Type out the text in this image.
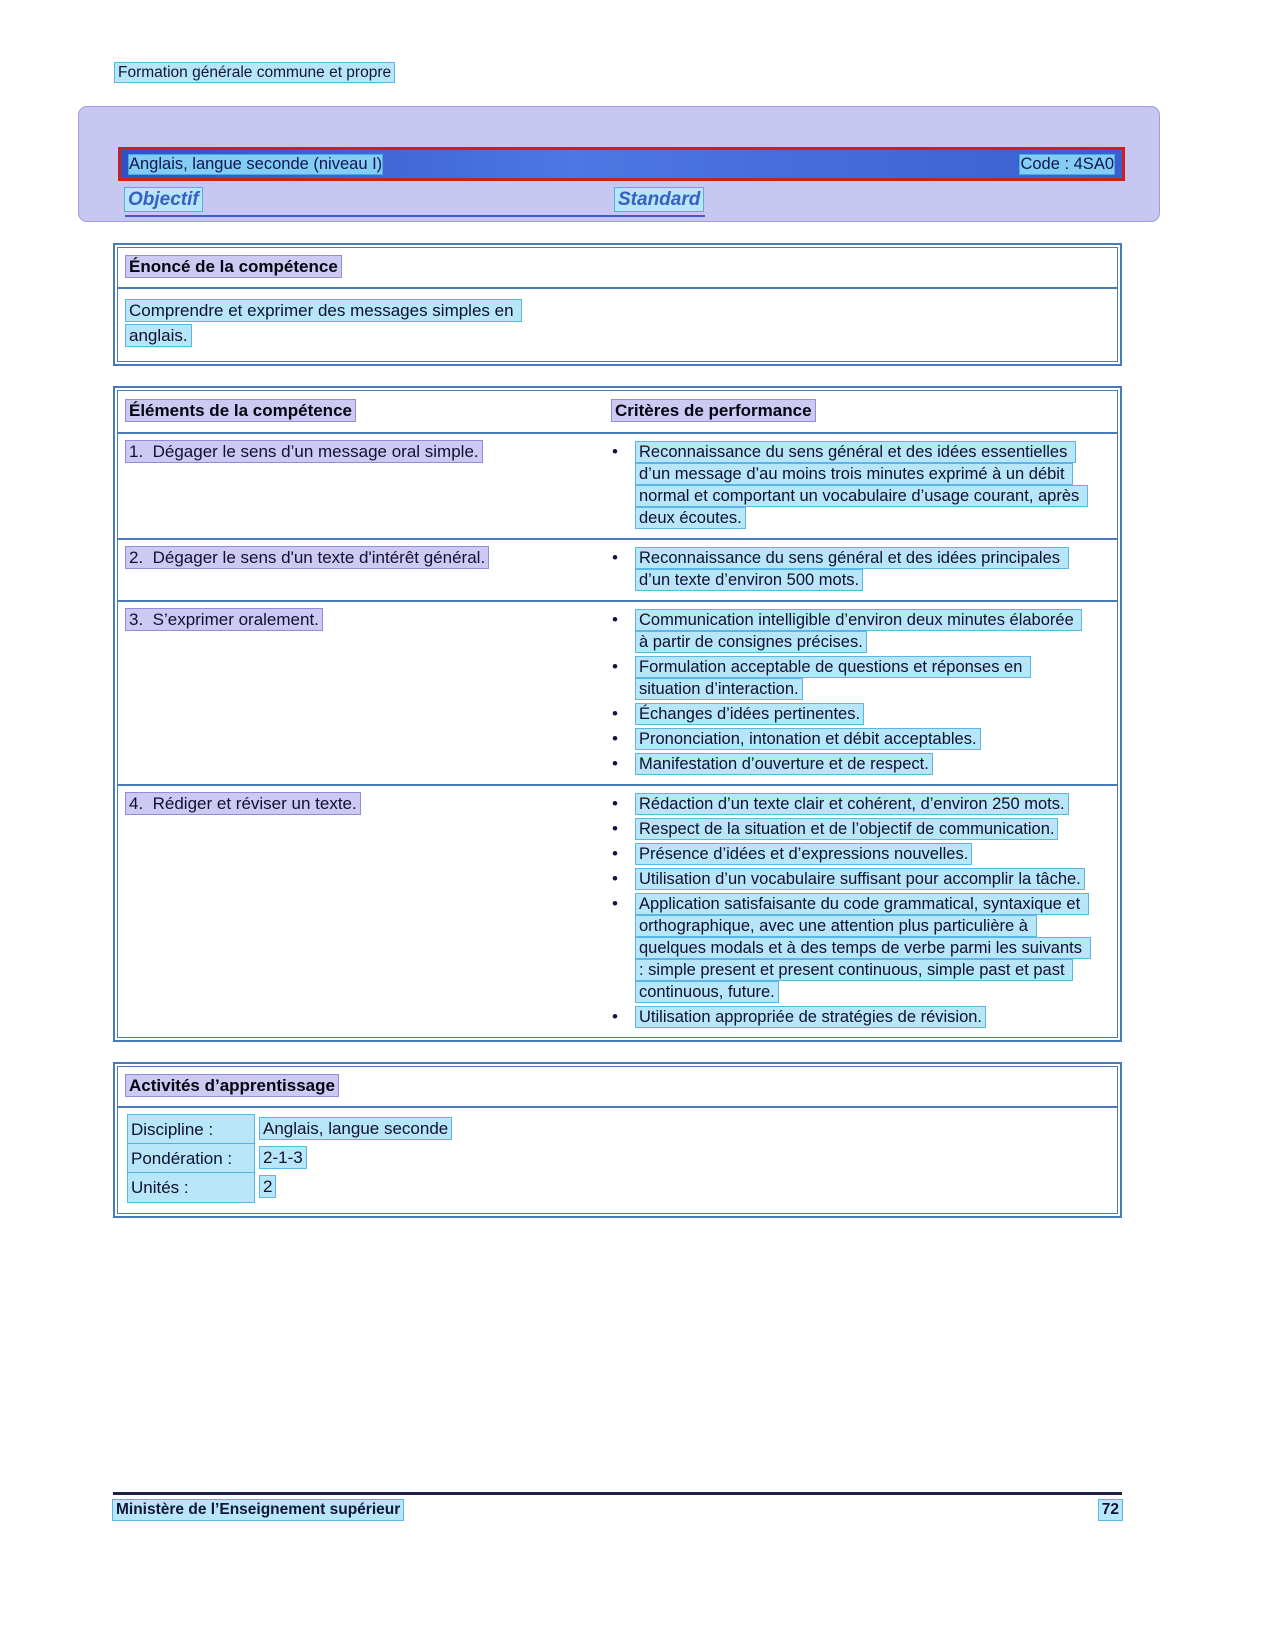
Formation générale commune et propre
Anglais, langue seconde (niveau I)	Code : 4SA0
Objectif	Standard
Énoncé de la compétence
Comprendre et exprimer des messages simples en anglais.
Éléments de la compétence	Critères de performance
1.  Dégager le sens d’un message oral simple. •	Reconnaissance du sens général et des idées essentielles d’un message d’au moins trois minutes exprimé à un débit normal et comportant un vocabulaire d’usage courant, après deux écoutes.
2.  Dégager le sens d'un texte d'intérêt général. •	Reconnaissance du sens général et des idées principales d’un texte d’environ 500 mots.
3.  S’exprimer oralement. •	Communication intelligible d’environ deux minutes élaborée à partir de consignes précises.
•
Formulation acceptable de questions et réponses en situation d’interaction.
•
Échanges d’idées pertinentes.
•
Prononciation, intonation et débit acceptables.
•
Manifestation d’ouverture et de respect.
4.  Rédiger et réviser un texte. •	Rédaction d’un texte clair et cohérent, d’environ 250 mots.
•
Respect de la situation et de l’objectif de communication.
•
Présence d’idées et d’expressions nouvelles.
•
Utilisation d’un vocabulaire suffisant pour accomplir la tâche.
•
Application satisfaisante du code grammatical, syntaxique et orthographique, avec une attention plus particulière à quelques modals et à des temps de verbe parmi les suivants : simple present et present continuous, simple past et past continuous, future.
•
Utilisation appropriée de stratégies de révision.
Activités d’apprentissage
Discipline :	Anglais, langue seconde
Pondération :	2-1-3
Unités :	2
Ministère de l’Enseignement supérieur	72
